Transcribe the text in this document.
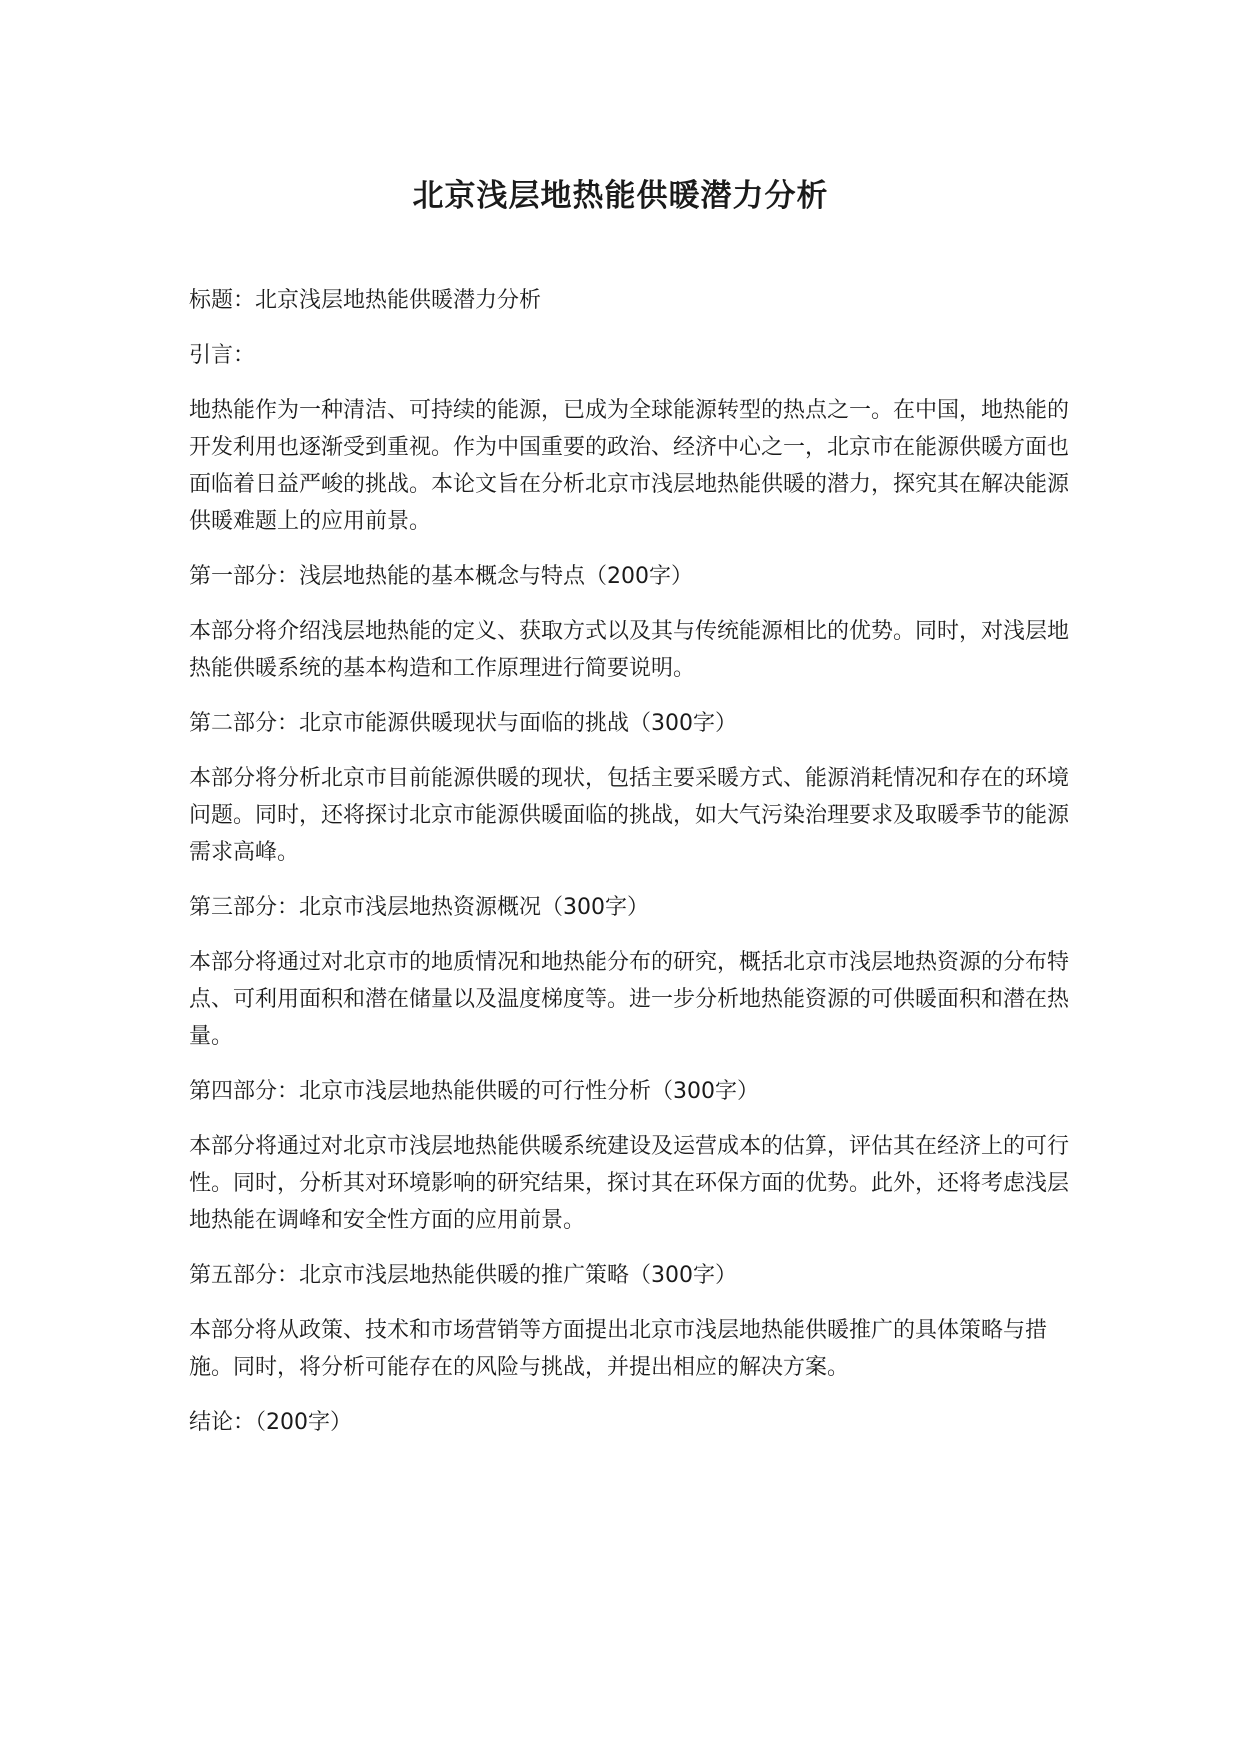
北京浅层地热能供暖潜力分析

标题：北京浅层地热能供暖潜力分析

引言：

地热能作为一种清洁、可持续的能源，已成为全球能源转型的热点之一。在中国，地热能的开发利用也逐渐受到重视。作为中国重要的政治、经济中心之一，北京市在能源供暖方面也面临着日益严峻的挑战。本论文旨在分析北京市浅层地热能供暖的潜力，探究其在解决能源供暖难题上的应用前景。

第一部分：浅层地热能的基本概念与特点（200字）

本部分将介绍浅层地热能的定义、获取方式以及其与传统能源相比的优势。同时，对浅层地热能供暖系统的基本构造和工作原理进行简要说明。

第二部分：北京市能源供暖现状与面临的挑战（300字）

本部分将分析北京市目前能源供暖的现状，包括主要采暖方式、能源消耗情况和存在的环境问题。同时，还将探讨北京市能源供暖面临的挑战，如大气污染治理要求及取暖季节的能源需求高峰。

第三部分：北京市浅层地热资源概况（300字）

本部分将通过对北京市的地质情况和地热能分布的研究，概括北京市浅层地热资源的分布特点、可利用面积和潜在储量以及温度梯度等。进一步分析地热能资源的可供暖面积和潜在热量。

第四部分：北京市浅层地热能供暖的可行性分析（300字）

本部分将通过对北京市浅层地热能供暖系统建设及运营成本的估算，评估其在经济上的可行性。同时，分析其对环境影响的研究结果，探讨其在环保方面的优势。此外，还将考虑浅层地热能在调峰和安全性方面的应用前景。

第五部分：北京市浅层地热能供暖的推广策略（300字）

本部分将从政策、技术和市场营销等方面提出北京市浅层地热能供暖推广的具体策略与措施。同时，将分析可能存在的风险与挑战，并提出相应的解决方案。

结论：（200字）
